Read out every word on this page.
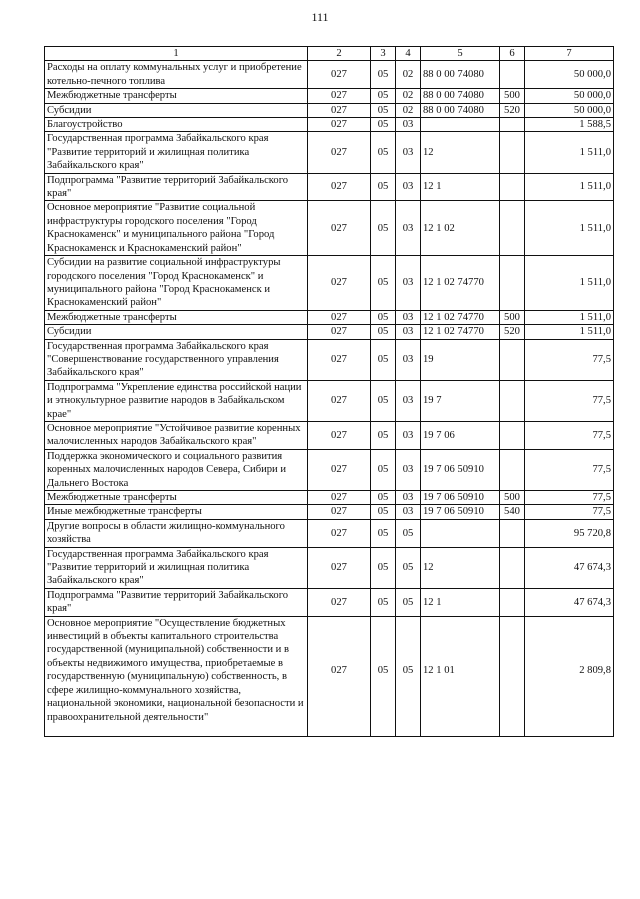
111
1	2	3	4	5	6	7
Расходы на оплату коммунальных услуг и приобретение котельно-печного топлива	027	05	02	88 0 00 74080		50 000,0
Межбюджетные трансферты	027	05	02	88 0 00 74080	500	50 000,0
Субсидии	027	05	02	88 0 00 74080	520	50 000,0
Благоустройство	027	05	03			1 588,5
Государственная программа Забайкальского края "Развитие территорий и жилищная политика Забайкальского края"	027	05	03	12		1 511,0
Подпрограмма "Развитие территорий Забайкальского края"	027	05	03	12 1		1 511,0
Основное мероприятие "Развитие социальной инфраструктуры городского поселения "Город Краснокаменск" и муниципального района "Город Краснокаменск и Краснокаменский район"	027	05	03	12 1 02		1 511,0
Субсидии на развитие социальной инфраструктуры городского поселения "Город Краснокаменск" и муниципального района "Город Краснокаменск и Краснокаменский район"	027	05	03	12 1 02 74770		1 511,0
Межбюджетные трансферты	027	05	03	12 1 02 74770	500	1 511,0
Субсидии	027	05	03	12 1 02 74770	520	1 511,0
Государственная программа Забайкальского края "Совершенствование государственного управления Забайкальского края"	027	05	03	19		77,5
Подпрограмма "Укрепление единства российской нации и этнокультурное развитие народов в Забайкальском крае"	027	05	03	19 7		77,5
Основное мероприятие "Устойчивое развитие коренных малочисленных народов Забайкальского края"	027	05	03	19 7 06		77,5
Поддержка экономического и социального развития коренных малочисленных народов Севера, Сибири и Дальнего Востока	027	05	03	19 7 06 50910		77,5
Межбюджетные трансферты	027	05	03	19 7 06 50910	500	77,5
Иные межбюджетные трансферты	027	05	03	19 7 06 50910	540	77,5
Другие вопросы в области жилищно-коммунального хозяйства	027	05	05			95 720,8
Государственная программа Забайкальского края "Развитие территорий и жилищная политика Забайкальского края"	027	05	05	12		47 674,3
Подпрограмма "Развитие территорий Забайкальского края"	027	05	05	12 1		47 674,3
Основное мероприятие "Осуществление бюджетных инвестиций в объекты капитального строительства государственной (муниципальной) собственности и в объекты недвижимого имущества, приобретаемые в государственную (муниципальную) собственность, в сфере жилищно-коммунального хозяйства, национальной экономики, национальной безопасности и правоохранительной деятельности"	027	05	05	12 1 01		2 809,8
